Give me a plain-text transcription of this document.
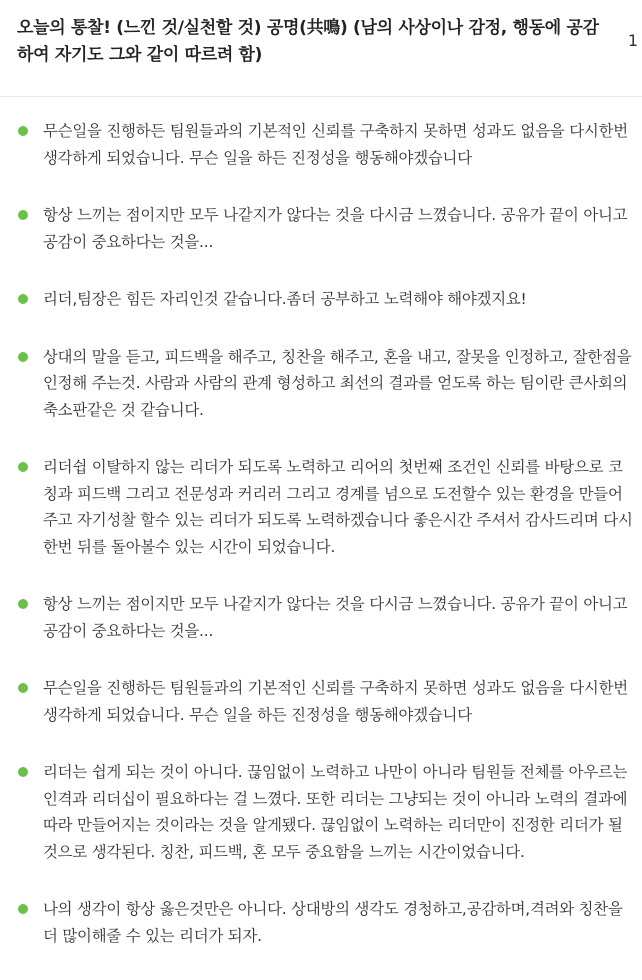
오늘의 통찰! (느낀 것/실천할 것) 공명(共鳴) (남의 사상이나 감정, 행동에 공감하여 자기도 그와 같이 따르려 함)
1
무슨일을 진행하든 팀원들과의 기본적인 신뢰를 구축하지 못하면 성과도 없음을 다시한번 생각하게 되었습니다. 무슨 일을 하든 진정성을 행동해야겠습니다
항상 느끼는 점이지만 모두 나같지가 않다는 것을 다시금 느꼈습니다. 공유가 끝이 아니고 공감이 중요하다는 것을...
리더,팀장은 힘든 자리인것 같습니다.좀더 공부하고 노력해야 해야겠지요!
상대의 말을 듣고, 피드백을 해주고, 칭찬을 해주고, 혼을 내고, 잘못을 인정하고, 잘한점을 인정해 주는것. 사람과 사람의 관계 형성하고 최선의 결과를 얻도록 하는 팀이란 큰사회의 축소판같은 것 같습니다.
리더쉽 이탈하지 않는 리더가 되도록 노력하고 리어의 첫번째 조건인 신뢰를 바탕으로 코칭과 피드백 그리고 전문성과 커리러 그리고 경계를 넘으로 도전할수 있는 환경을 만들어주고 자기성찰 할수 있는 리더가 되도록 노력하겠습니다 좋은시간 주셔서 감사드리며 다시 한번 뒤를 돌아볼수 있는 시간이 되었습니다.
항상 느끼는 점이지만 모두 나같지가 않다는 것을 다시금 느꼈습니다. 공유가 끝이 아니고 공감이 중요하다는 것을...
무슨일을 진행하든 팀원들과의 기본적인 신뢰를 구축하지 못하면 성과도 없음을 다시한번 생각하게 되었습니다. 무슨 일을 하든 진정성을 행동해야겠습니다
리더는 쉽게 되는 것이 아니다. 끊임없이 노력하고 나만이 아니라 팀원들 전체를 아우르는 인격과 리더십이 필요하다는 걸 느꼈다. 또한 리더는 그냥되는 것이 아니라 노력의 결과에 따라 만들어지는 것이라는 것을 알게됐다. 끊임없이 노력하는 리더만이 진정한 리더가 될 것으로 생각된다. 칭찬, 피드백, 혼 모두 중요함을 느끼는 시간이었습니다.
나의 생각이 항상 옳은것만은 아니다. 상대방의 생각도 경청하고,공감하며,격려와 칭찬을 더 많이해줄 수 있는 리더가 되자.
